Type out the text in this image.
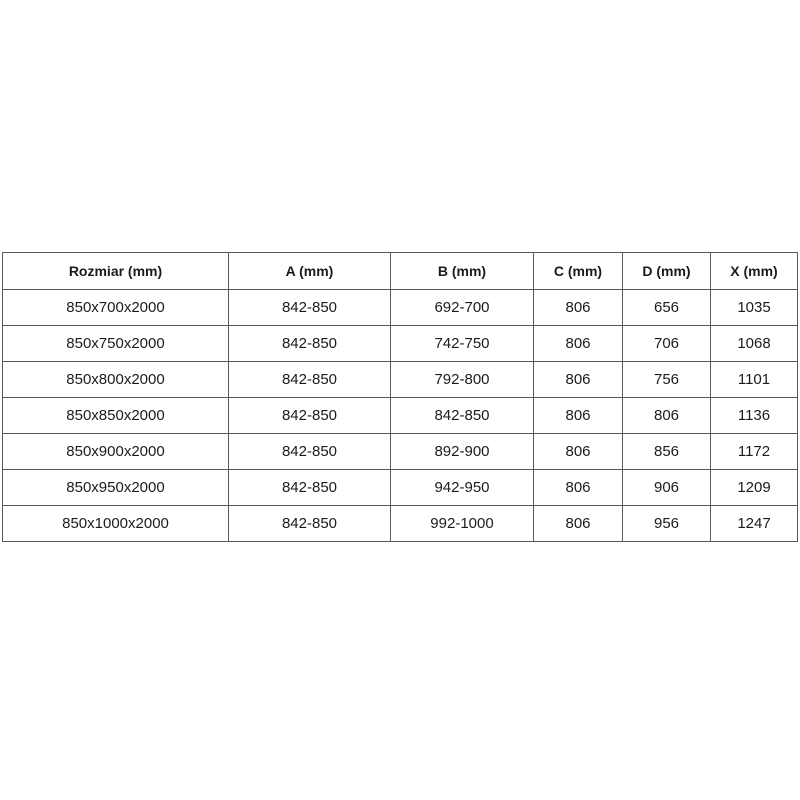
Rozmiar (mm)	A (mm)	B (mm)	C (mm)	D (mm)	X (mm)
850x700x2000	842-850	692-700	806	656	1035
850x750x2000	842-850	742-750	806	706	1068
850x800x2000	842-850	792-800	806	756	1101
850x850x2000	842-850	842-850	806	806	1136
850x900x2000	842-850	892-900	806	856	1172
850x950x2000	842-850	942-950	806	906	1209
850x1000x2000	842-850	992-1000	806	956	1247
